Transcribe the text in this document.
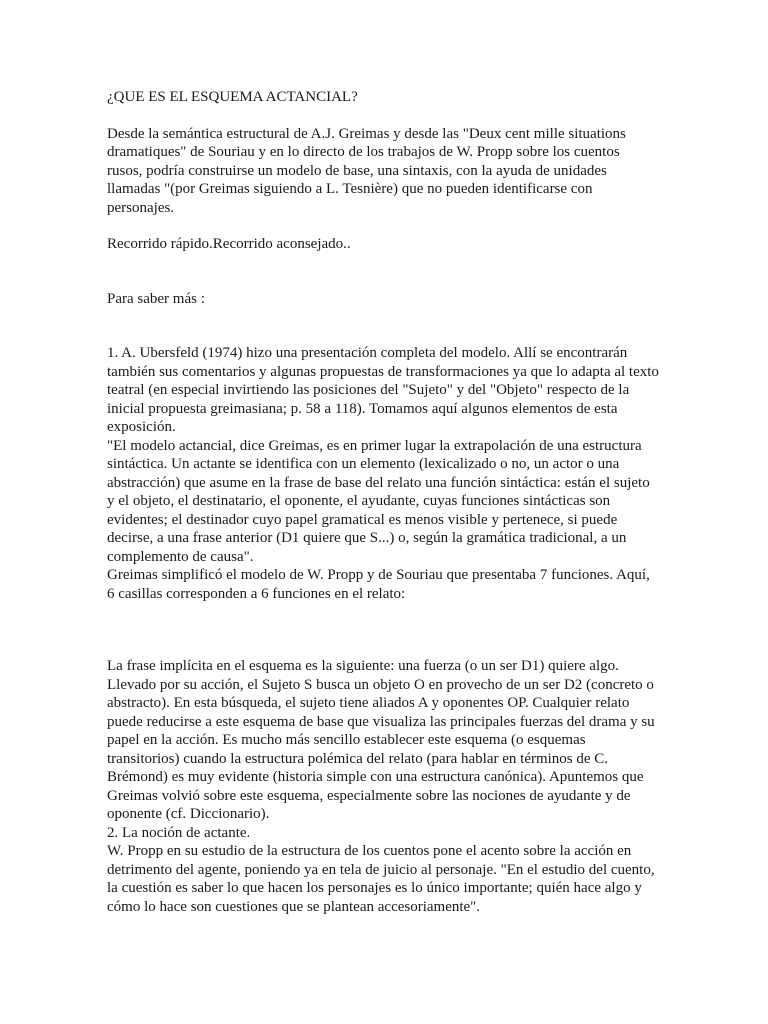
¿QUE ES EL ESQUEMA ACTANCIAL?

Desde la semántica estructural de A.J. Greimas y desde las "Deux cent mille situations
dramatiques" de Souriau y en lo directo de los trabajos de W. Propp sobre los cuentos
rusos, podría construirse un modelo de base, una sintaxis, con la ayuda de unidades
llamadas "(por Greimas siguiendo a L. Tesnière) que no pueden identificarse con
personajes.

Recorrido rápido.Recorrido aconsejado..

Para saber más :

1. A. Ubersfeld (1974) hizo una presentación completa del modelo. Allí se encontrarán
también sus comentarios y algunas propuestas de transformaciones ya que lo adapta al texto
teatral (en especial invirtiendo las posiciones del "Sujeto" y del "Objeto" respecto de la
inicial propuesta greimasiana; p. 58 a 118). Tomamos aquí algunos elementos de esta
exposición.
"El modelo actancial, dice Greimas, es en primer lugar la extrapolación de una estructura
sintáctica. Un actante se identifica con un elemento (lexicalizado o no, un actor o una
abstracción) que asume en la frase de base del relato una función sintáctica: están el sujeto
y el objeto, el destinatario, el oponente, el ayudante, cuyas funciones sintácticas son
evidentes; el destinador cuyo papel gramatical es menos visible y pertenece, si puede
decirse, a una frase anterior (D1 quiere que S...) o, según la gramática tradicional, a un
complemento de causa".
Greimas simplificó el modelo de W. Propp y de Souriau que presentaba 7 funciones. Aquí,
6 casillas corresponden a 6 funciones en el relato:

La frase implícita en el esquema es la siguiente: una fuerza (o un ser D1) quiere algo.
Llevado por su acción, el Sujeto S busca un objeto O en provecho de un ser D2 (concreto o
abstracto). En esta búsqueda, el sujeto tiene aliados A y oponentes OP. Cualquier relato
puede reducirse a este esquema de base que visualiza las principales fuerzas del drama y su
papel en la acción. Es mucho más sencillo establecer este esquema (o esquemas
transitorios) cuando la estructura polémica del relato (para hablar en términos de C.
Brémond) es muy evidente (historia simple con una estructura canónica). Apuntemos que
Greimas volvió sobre este esquema, especialmente sobre las nociones de ayudante y de
oponente (cf. Diccionario).
2. La noción de actante.
W. Propp en su estudio de la estructura de los cuentos pone el acento sobre la acción en
detrimento del agente, poniendo ya en tela de juicio al personaje. "En el estudio del cuento,
la cuestión es saber lo que hacen los personajes es lo único importante; quién hace algo y
cómo lo hace son cuestiones que se plantean accesoriamente".
